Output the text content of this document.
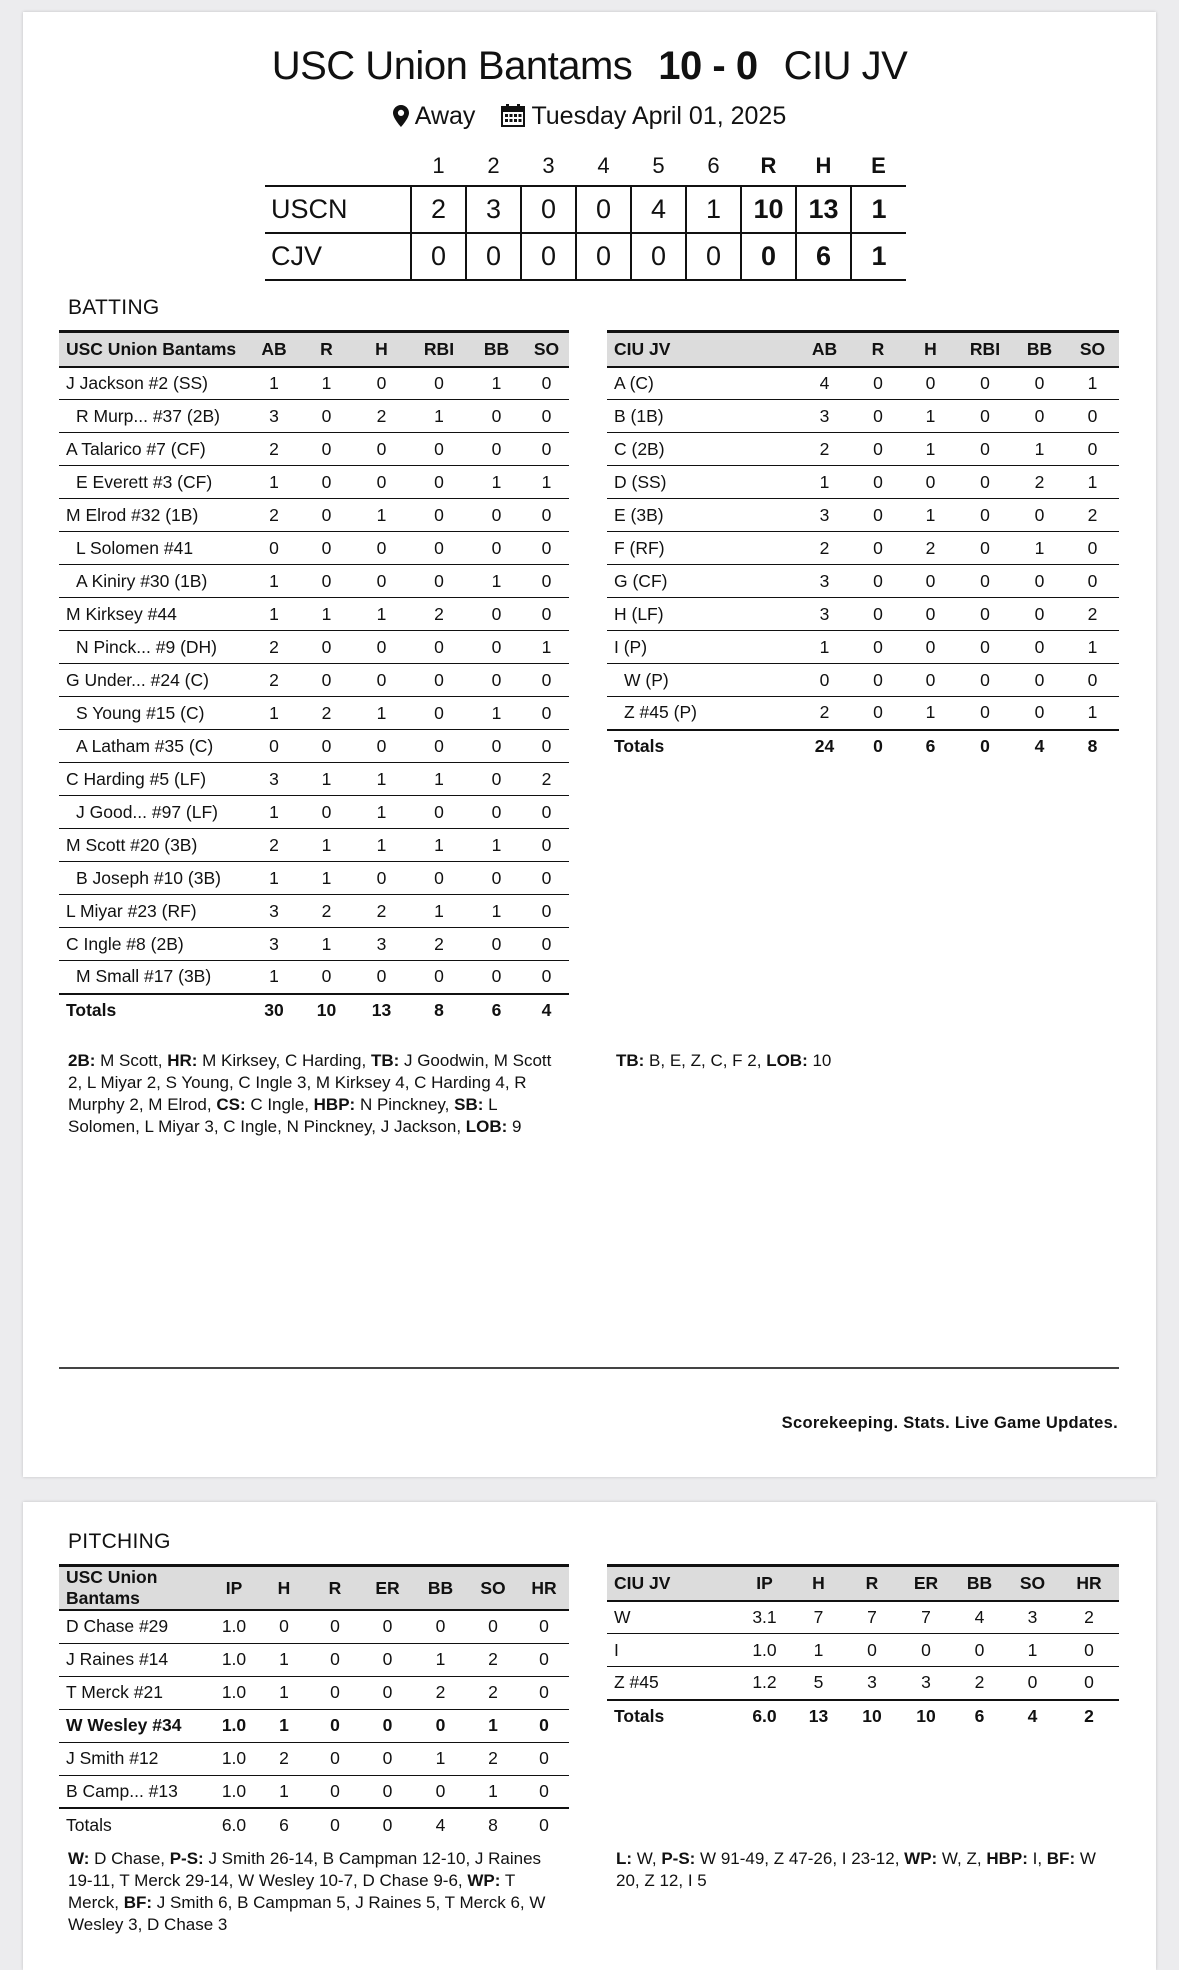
USC Union Bantams 10 - 0 CIU JV
Away Tuesday April 01, 2025
	1	2	3	4	5	6	R	H	E
USCN	2	3	0	0	4	1	10	13	1
CJV	0	0	0	0	0	0	0	6	1
BATTING
USC Union Bantams	AB	R	H	RBI	BB	SO
J Jackson #2 (SS)	1	1	0	0	1	0
R Murp... #37 (2B)	3	0	2	1	0	0
A Talarico #7 (CF)	2	0	0	0	0	0
E Everett #3 (CF)	1	0	0	0	1	1
M Elrod #32 (1B)	2	0	1	0	0	0
L Solomen #41	0	0	0	0	0	0
A Kiniry #30 (1B)	1	0	0	0	1	0
M Kirksey #44	1	1	1	2	0	0
N Pinck... #9 (DH)	2	0	0	0	0	1
G Under... #24 (C)	2	0	0	0	0	0
S Young #15 (C)	1	2	1	0	1	0
A Latham #35 (C)	0	0	0	0	0	0
C Harding #5 (LF)	3	1	1	1	0	2
J Good... #97 (LF)	1	0	1	0	0	0
M Scott #20 (3B)	2	1	1	1	1	0
B Joseph #10 (3B)	1	1	0	0	0	0
L Miyar #23 (RF)	3	2	2	1	1	0
C Ingle #8 (2B)	3	1	3	2	0	0
M Small #17 (3B)	1	0	0	0	0	0
Totals	30	10	13	8	6	4
CIU JV	AB	R	H	RBI	BB	SO
A (C)	4	0	0	0	0	1
B (1B)	3	0	1	0	0	0
C (2B)	2	0	1	0	1	0
D (SS)	1	0	0	0	2	1
E (3B)	3	0	1	0	0	2
F (RF)	2	0	2	0	1	0
G (CF)	3	0	0	0	0	0
H (LF)	3	0	0	0	0	2
I (P)	1	0	0	0	0	1
W (P)	0	0	0	0	0	0
Z #45 (P)	2	0	1	0	0	1
Totals	24	0	6	0	4	8
2B: M Scott, HR: M Kirksey, C Harding, TB: J Goodwin, M Scott 2, L Miyar 2, S Young, C Ingle 3, M Kirksey 4, C Harding 4, R Murphy 2, M Elrod, CS: C Ingle, HBP: N Pinckney, SB: L Solomen, L Miyar 3, C Ingle, N Pinckney, J Jackson, LOB: 9
TB: B, E, Z, C, F 2, LOB: 10
Scorekeeping. Stats. Live Game Updates.
PITCHING
USC Union Bantams	IP	H	R	ER	BB	SO	HR
D Chase #29	1.0	0	0	0	0	0	0
J Raines #14	1.0	1	0	0	1	2	0
T Merck #21	1.0	1	0	0	2	2	0
W Wesley #34	1.0	1	0	0	0	1	0
J Smith #12	1.0	2	0	0	1	2	0
B Camp... #13	1.0	1	0	0	0	1	0
Totals	6.0	6	0	0	4	8	0
CIU JV	IP	H	R	ER	BB	SO	HR
W	3.1	7	7	7	4	3	2
I	1.0	1	0	0	0	1	0
Z #45	1.2	5	3	3	2	0	0
Totals	6.0	13	10	10	6	4	2
W: D Chase, P-S: J Smith 26-14, B Campman 12-10, J Raines 19-11, T Merck 29-14, W Wesley 10-7, D Chase 9-6, WP: T Merck, BF: J Smith 6, B Campman 5, J Raines 5, T Merck 6, W Wesley 3, D Chase 3
L: W, P-S: W 91-49, Z 47-26, I 23-12, WP: W, Z, HBP: I, BF: W 20, Z 12, I 5
